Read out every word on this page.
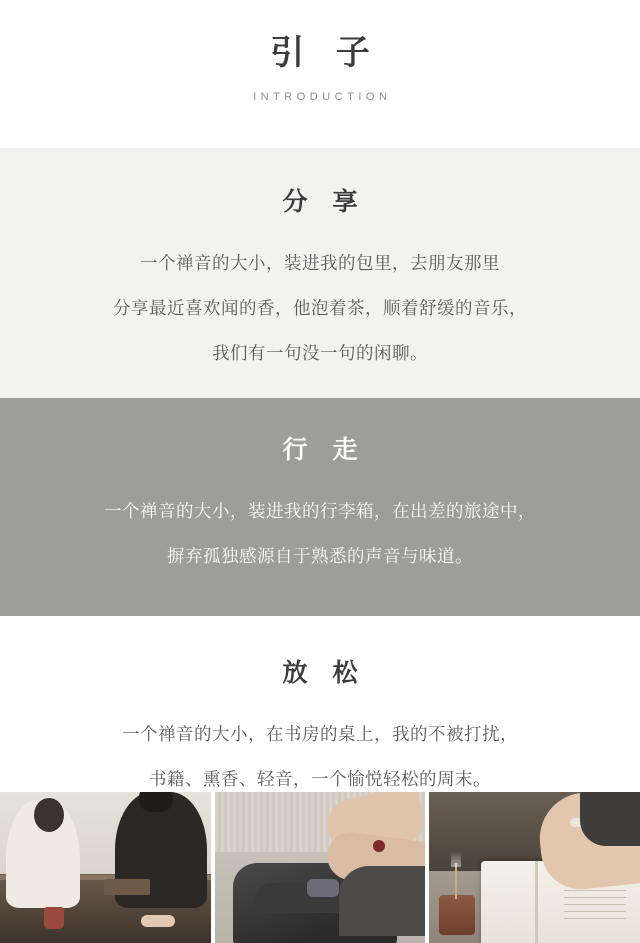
引 子
INTRODUCTION
分 享
一个禅音的大小，装进我的包里，去朋友那里
分享最近喜欢闻的香，他泡着茶，顺着舒缓的音乐，
我们有一句没一句的闲聊。
行 走
一个禅音的大小，装进我的行李箱，在出差的旅途中，
摒弃孤独感源自于熟悉的声音与味道。
放 松
一个禅音的大小，在书房的桌上，我的不被打扰，
书籍、熏香、轻音，一个愉悦轻松的周末。
